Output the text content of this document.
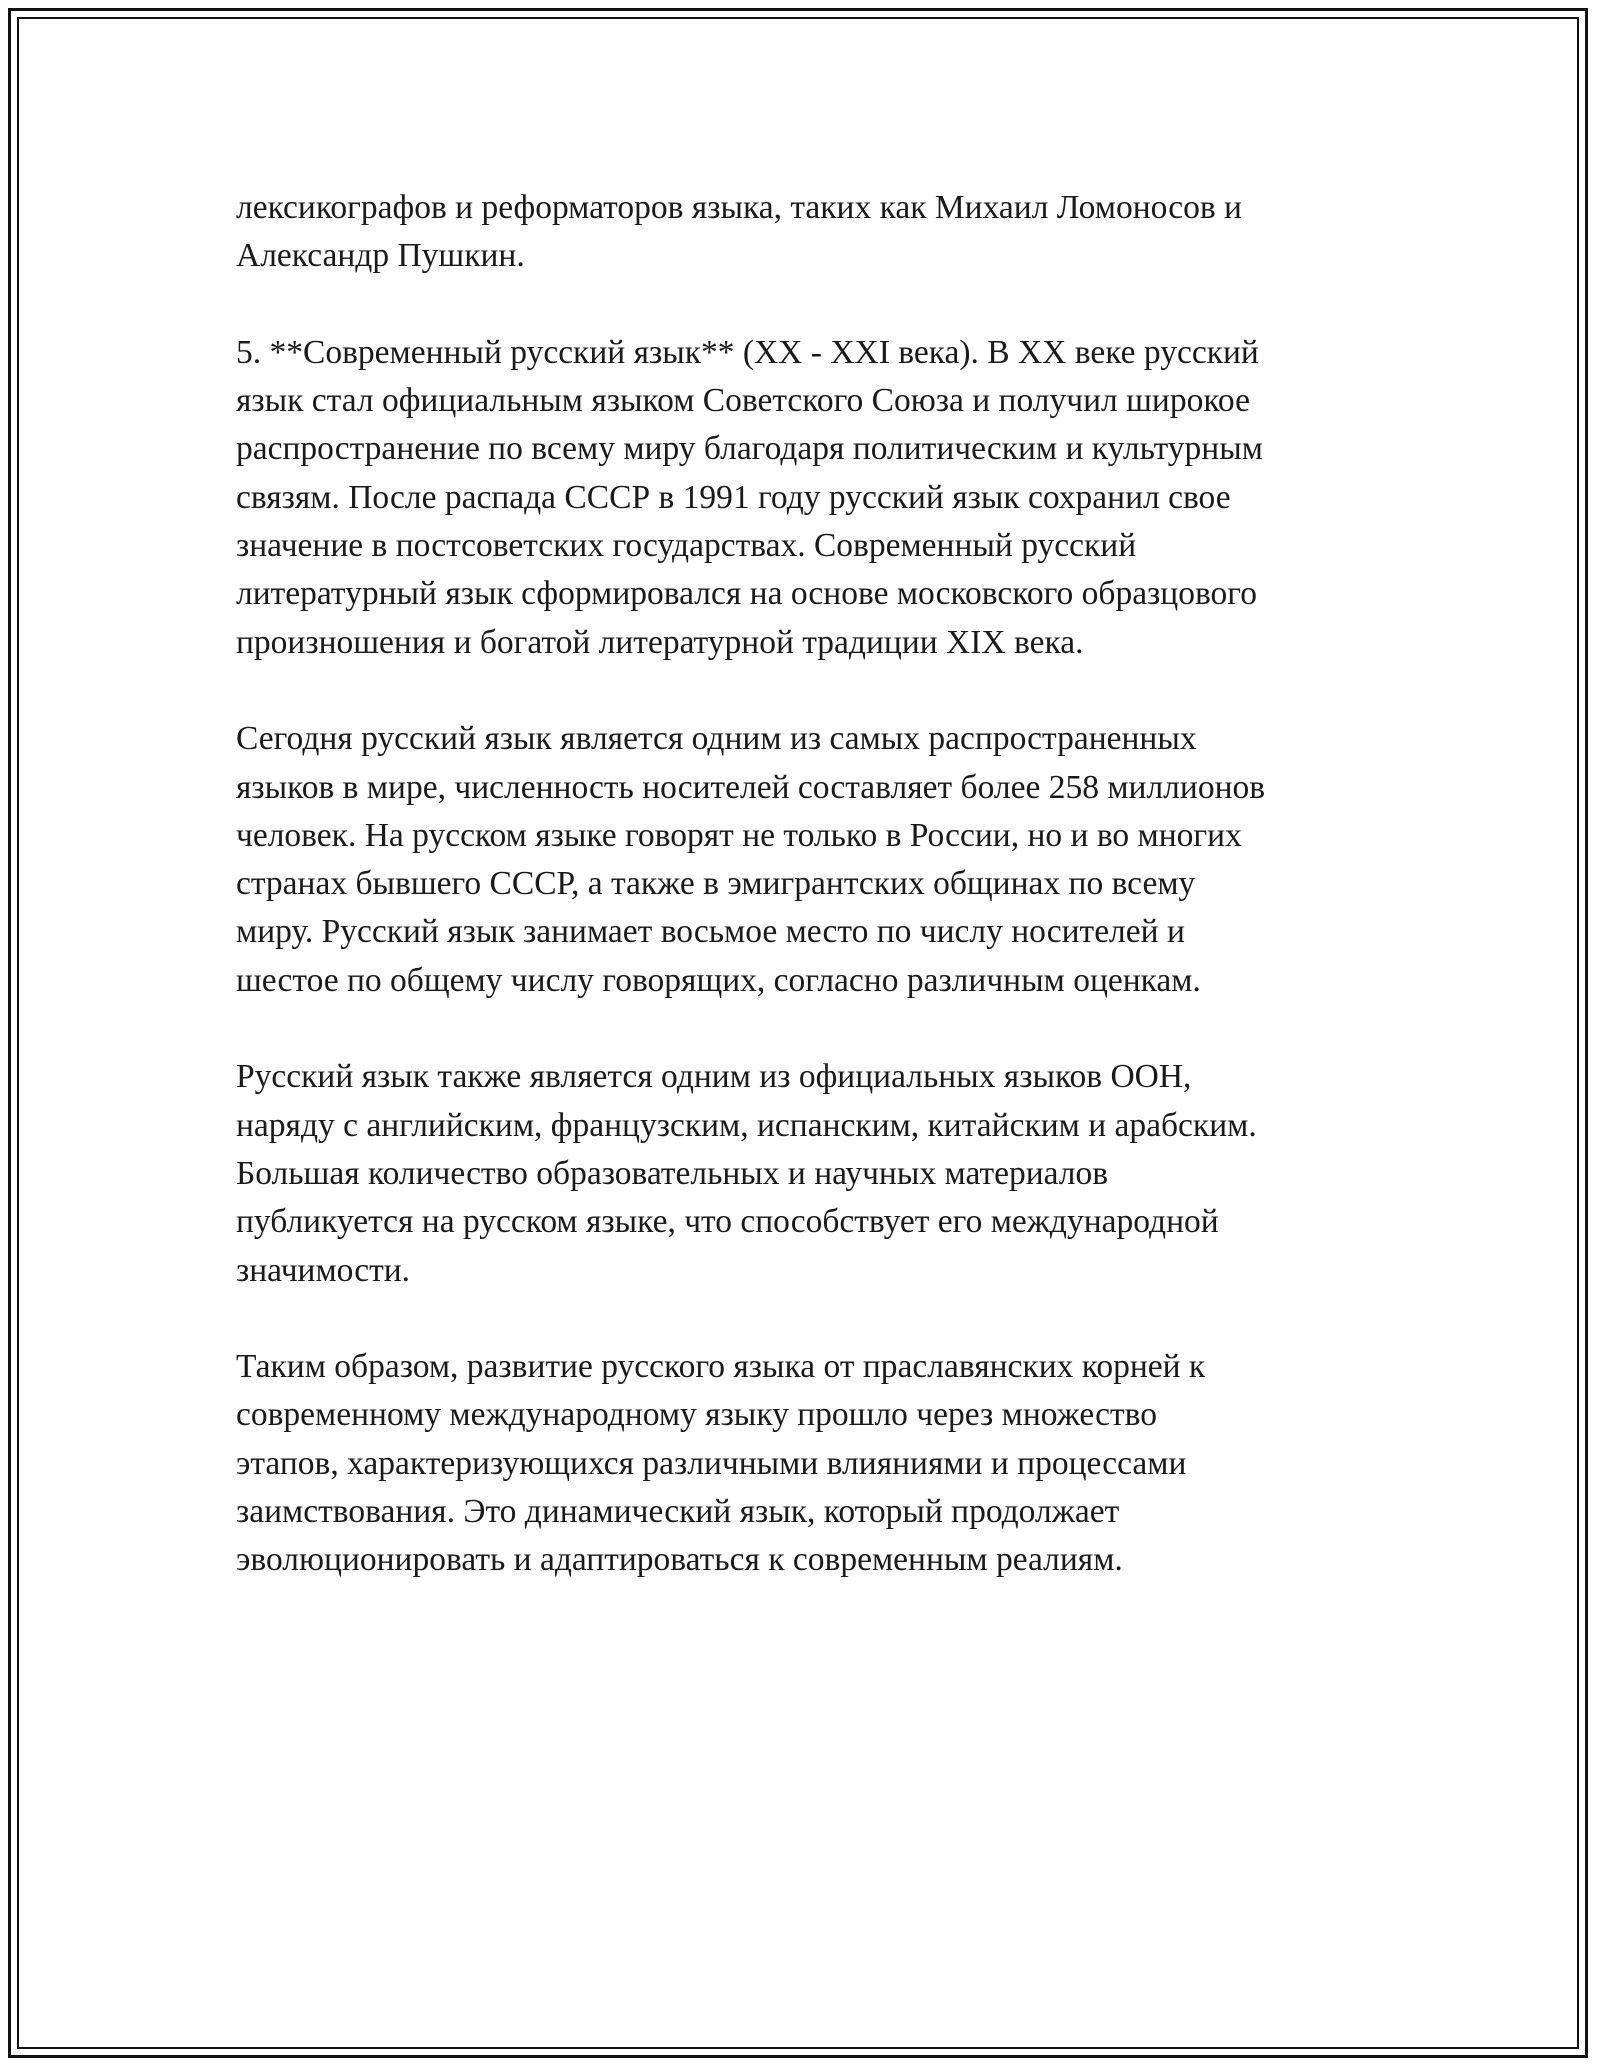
лексикографов и реформаторов языка, таких как Михаил Ломоносов и
Александр Пушкин.

5. **Современный русский язык** (XX - XXI века). В XX веке русский
язык стал официальным языком Советского Союза и получил широкое
распространение по всему миру благодаря политическим и культурным
связям. После распада СССР в 1991 году русский язык сохранил свое
значение в постсоветских государствах. Современный русский
литературный язык сформировался на основе московского образцового
произношения и богатой литературной традиции XIX века.

Сегодня русский язык является одним из самых распространенных
языков в мире, численность носителей составляет более 258 миллионов
человек. На русском языке говорят не только в России, но и во многих
странах бывшего СССР, а также в эмигрантских общинах по всему
миру. Русский язык занимает восьмое место по числу носителей и
шестое по общему числу говорящих, согласно различным оценкам.

Русский язык также является одним из официальных языков ООН,
наряду с английским, французским, испанским, китайским и арабским.
Большая количество образовательных и научных материалов
публикуется на русском языке, что способствует его международной
значимости.

Таким образом, развитие русского языка от праславянских корней к
современному международному языку прошло через множество
этапов, характеризующихся различными влияниями и процессами
заимствования. Это динамический язык, который продолжает
эволюционировать и адаптироваться к современным реалиям.
